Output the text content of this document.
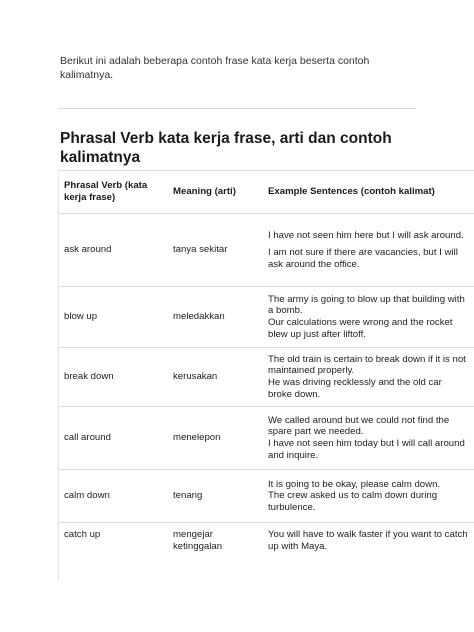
Berikut ini adalah beberapa contoh frase kata kerja beserta contoh kalimatnya.

Phrasal Verb kata kerja frase, arti dan contoh kalimatnya
Phrasal Verb (kata kerja frase)	Meaning (arti)	Example Sentences (contoh kalimat)
ask around	tanya sekitar	I have not seen him here but I will ask around.

I am not sure if there are vacancies, but I will ask around the office.

blow up	meledakkan	The army is going to blow up that building with a bomb.

Our calculations were wrong and the rocket blew up just after liftoff.

break down	kerusakan	The old train is certain to break down if it is not maintained properly.

He was driving recklessly and the old car broke down.

call around	menelepon	We called around but we could not find the spare part we needed.

I have not seen him today but I will call around and inquire.

calm down	tenang	It is going to be okay, please calm down.

The crew asked us to calm down during turbulence.

catch up	mengejar ketinggalan	You will have to walk faster if you want to catch up with Maya.
